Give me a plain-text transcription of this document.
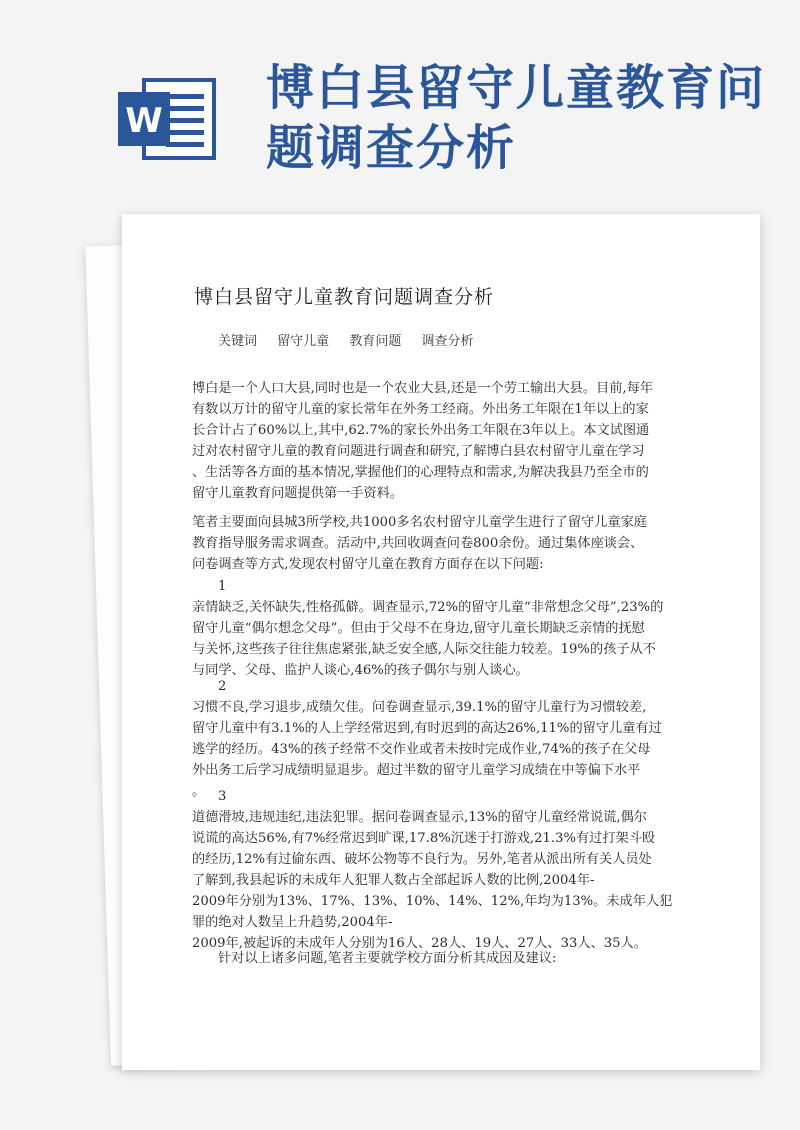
W
博白县留守儿童教育问
题调查分析
博白县留守儿童教育问题调查分析
关键词 留守儿童 教育问题 调查分析

博白是一个人口大县,同时也是一个农业大县,还是一个劳工输出大县。目前,每年

有数以万计的留守儿童的家长常年在外务工经商。外出务工年限在1年以上的家

长合计占了60%以上,其中,62.7%的家长外出务工年限在3年以上。本文试图通

过对农村留守儿童的教育问题进行调查和研究,了解博白县农村留守儿童在学习

、生活等各方面的基本情况,掌握他们的心理特点和需求,为解决我县乃至全市的

留守儿童教育问题提供第一手资料。

笔者主要面向县城3所学校,共1000多名农村留守儿童学生进行了留守儿童家庭

教育指导服务需求调查。活动中,共回收调查问卷800余份。通过集体座谈会、

问卷调查等方式,发现农村留守儿童在教育方面存在以下问题:

1

亲情缺乏,关怀缺失,性格孤僻。调查显示,72%的留守儿童“非常想念父母”,23%的

留守儿童“偶尔想念父母”。但由于父母不在身边,留守儿童长期缺乏亲情的抚慰

与关怀,这些孩子往往焦虑紧张,缺乏安全感,人际交往能力较差。19%的孩子从不

与同学、父母、监护人谈心,46%的孩子偶尔与别人谈心。

2

习惯不良,学习退步,成绩欠佳。问卷调查显示,39.1%的留守儿童行为习惯较差,

留守儿童中有3.1%的人上学经常迟到,有时迟到的高达26%,11%的留守儿童有过

逃学的经历。43%的孩子经常不交作业或者未按时完成作业,74%的孩子在父母

外出务工后学习成绩明显退步。超过半数的留守儿童学习成绩在中等偏下水平

。 3

道德滑坡,违规违纪,违法犯罪。据问卷调查显示,13%的留守儿童经常说谎,偶尔

说谎的高达56%,有7%经常迟到旷课,17.8%沉迷于打游戏,21.3%有过打架斗殴

的经历,12%有过偷东西、破坏公物等不良行为。另外,笔者从派出所有关人员处

了解到,我县起诉的未成年人犯罪人数占全部起诉人数的比例,2004年-

2009年分别为13%、17%、13%、10%、14%、12%,年均为13%。未成年人犯

罪的绝对人数呈上升趋势,2004年-

2009年,被起诉的未成年人分别为16人、28人、19人、27人、33人、35人。

针对以上诸多问题,笔者主要就学校方面分析其成因及建议:
